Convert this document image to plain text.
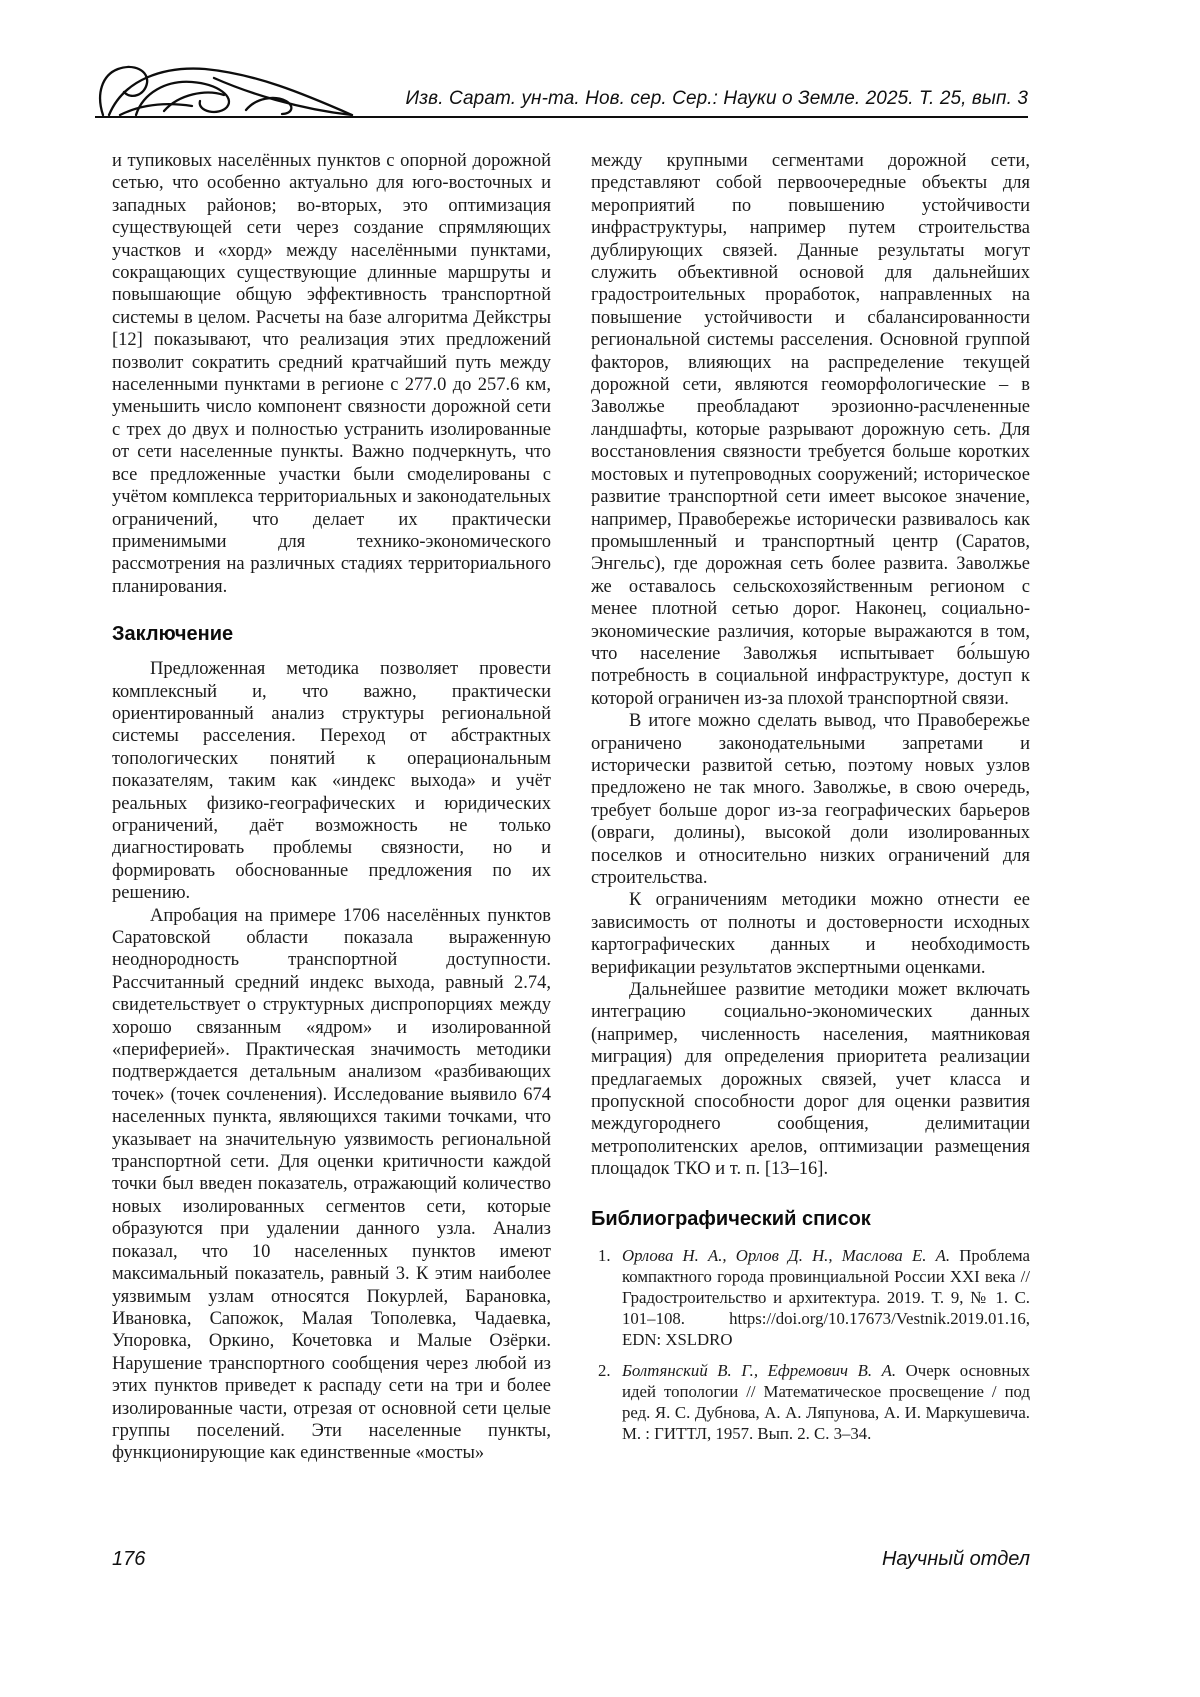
Изв. Сарат. ун-та. Нов. сер. Сер.: Науки о Земле. 2025. Т. 25, вып. 3

и тупиковых населённых пунктов с опорной дорожной сетью, что особенно актуально для юго-восточных и западных районов; во-вторых, это оптимизация существующей сети через создание спрямляющих участков и «хорд» между населёнными пунктами, сокращающих существующие длинные маршруты и повышающие общую эффективность транспортной системы в целом. Расчеты на базе алгоритма Дейкстры [12] показывают, что реализация этих предложений позволит сократить средний кратчайший путь между населенными пунктами в регионе с 277.0 до 257.6 км, уменьшить число компонент связности дорожной сети с трех до двух и полностью устранить изолированные от сети населенные пункты. Важно подчеркнуть, что все предложенные участки были смоделированы с учётом комплекса территориальных и законодательных ограничений, что делает их практически применимыми для технико-экономического рассмотрения на различных стадиях территориального планирования.

Заключение

Предложенная методика позволяет провести комплексный и, что важно, практически ориентированный анализ структуры региональной системы расселения. Переход от абстрактных топологических понятий к операциональным показателям, таким как «индекс выхода» и учёт реальных физико-географических и юридических ограничений, даёт возможность не только диагностировать проблемы связности, но и формировать обоснованные предложения по их решению.

Апробация на примере 1706 населённых пунктов Саратовской области показала выраженную неоднородность транспортной доступности. Рассчитанный средний индекс выхода, равный 2.74, свидетельствует о структурных диспропорциях между хорошо связанным «ядром» и изолированной «периферией». Практическая значимость методики подтверждается детальным анализом «разбивающих точек» (точек сочленения). Исследование выявило 674 населенных пункта, являющихся такими точками, что указывает на значительную уязвимость региональной транспортной сети. Для оценки критичности каждой точки был введен показатель, отражающий количество новых изолированных сегментов сети, которые образуются при удалении данного узла. Анализ показал, что 10 населенных пунктов имеют максимальный показатель, равный 3. К этим наиболее уязвимым узлам относятся Покурлей, Барановка, Ивановка, Сапожок, Малая Тополевка, Чадаевка, Упоровка, Оркино, Кочетовка и Малые Озёрки. Нарушение транспортного сообщения через любой из этих пунктов приведет к распаду сети на три и более изолированные части, отрезая от основной сети целые группы поселений. Эти населенные пункты, функционирующие как единственные «мосты»

между крупными сегментами дорожной сети, представляют собой первоочередные объекты для мероприятий по повышению устойчивости инфраструктуры, например путем строительства дублирующих связей. Данные результаты могут служить объективной основой для дальнейших градостроительных проработок, направленных на повышение устойчивости и сбалансированности региональной системы расселения. Основной группой факторов, влияющих на распределение текущей дорожной сети, являются геоморфологические – в Заволжье преобладают эрозионно-расчлененные ландшафты, которые разрывают дорожную сеть. Для восстановления связности требуется больше коротких мостовых и путепроводных сооружений; историческое развитие транспортной сети имеет высокое значение, например, Правобережье исторически развивалось как промышленный и транспортный центр (Саратов, Энгельс), где дорожная сеть более развита. Заволжье же оставалось сельскохозяйственным регионом с менее плотной сетью дорог. Наконец, социально-экономические различия, которые выражаются в том, что население Заволжья испытывает бо́льшую потребность в социальной инфраструктуре, доступ к которой ограничен из-за плохой транспортной связи.

В итоге можно сделать вывод, что Правобережье ограничено законодательными запретами и исторически развитой сетью, поэтому новых узлов предложено не так много. Заволжье, в свою очередь, требует больше дорог из-за географических барьеров (овраги, долины), высокой доли изолированных поселков и относительно низких ограничений для строительства.

К ограничениям методики можно отнести ее зависимость от полноты и достоверности исходных картографических данных и необходимость верификации результатов экспертными оценками.

Дальнейшее развитие методики может включать интеграцию социально-экономических данных (например, численность населения, маятниковая миграция) для определения приоритета реализации предлагаемых дорожных связей, учет класса и пропускной способности дорог для оценки развития междугороднего сообщения, делимитации метрополитенских арелов, оптимизации размещения площадок ТКО и т. п. [13–16].

Библиографический список
1. Орлова Н. А., Орлов Д. Н., Маслова Е. А. Проблема компактного города провинциальной России XXI века // Градостроительство и архитектура. 2019. Т. 9, № 1. С. 101–108. https://doi.org/10.17673/Vestnik.2019.01.16, EDN: XSLDRO
2. Болтянский В. Г., Ефремович В. А. Очерк основных идей топологии // Математическое просвещение / под ред. Я. С. Дубнова, А. А. Ляпунова, А. И. Маркушевича. М. : ГИТТЛ, 1957. Вып. 2. С. 3–34.
176	Научный отдел
